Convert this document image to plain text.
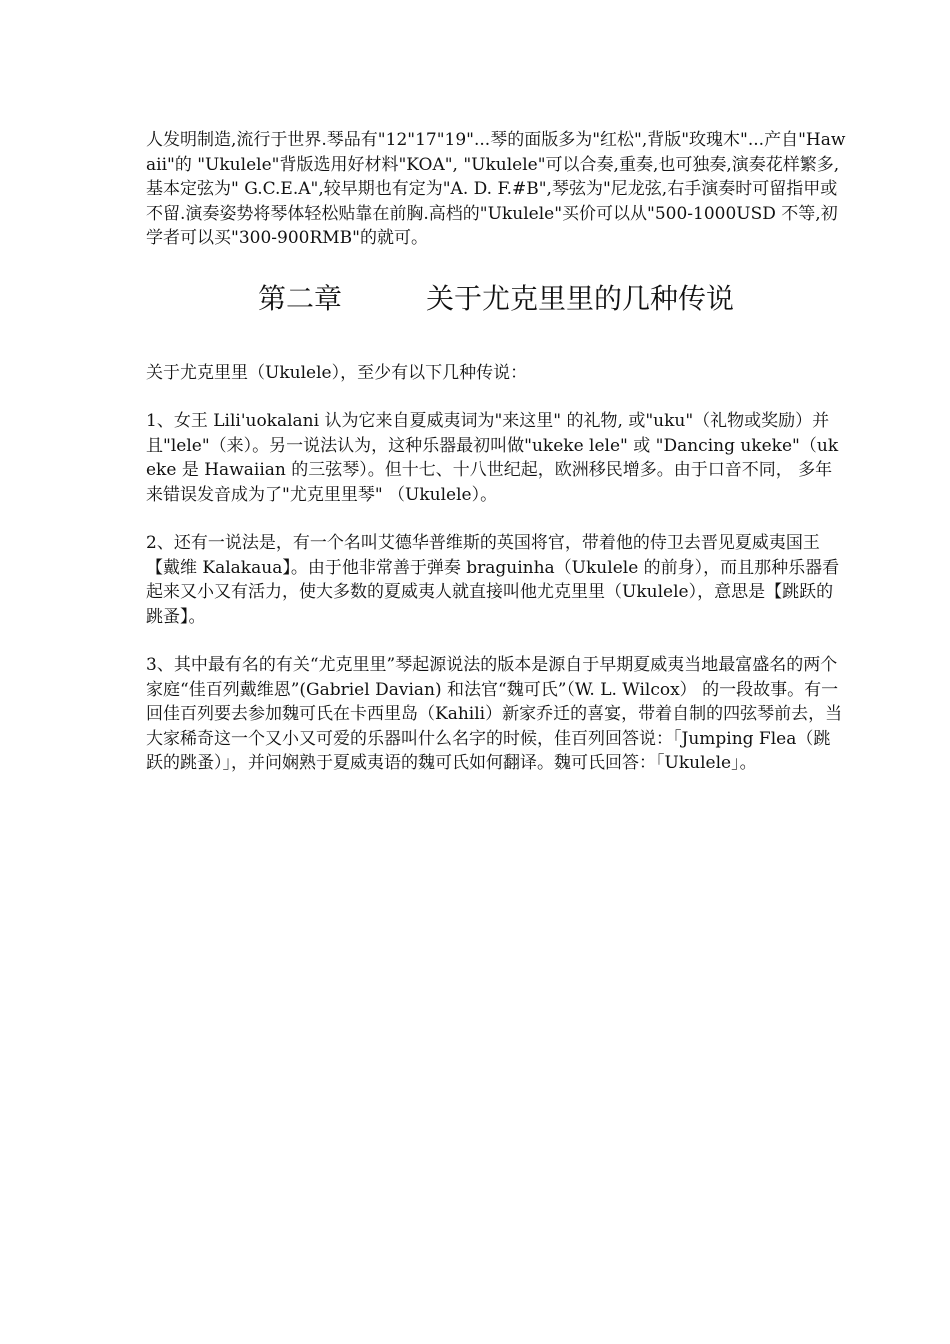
人发明制造,流行于世界.琴品有"12"17"19"...琴的面版多为"红松",背版"玫瑰木"...产自"Hawaii"的 "Ukulele"背版选用好材料"KOA", "Ukulele"可以合奏,重奏,也可独奏,演奏花样繁多,基本定弦为" G.C.E.A",较早期也有定为"A. D. F.#B",琴弦为"尼龙弦,右手演奏时可留指甲或不留.演奏姿势将琴体轻松贴靠在前胸.高档的"Ukulele"买价可以从"500-1000USD 不等,初学者可以买"300-900RMB"的就可。

第二章	关于尤克里里的几种传说

关于尤克里里（Ukulele），至少有以下几种传说：

1、女王 Lili'uokalani 认为它来自夏威夷词为"来这里" 的礼物, 或"uku"（礼物或奖励）并且"lele"（来）。另一说法认为，这种乐器最初叫做"ukeke lele" 或 "Dancing ukeke"（ukeke 是 Hawaiian 的三弦琴）。但十七、十八世纪起，欧洲移民增多。由于口音不同， 多年来错误发音成为了"尤克里里琴" （Ukulele）。

2、还有一说法是，有一个名叫艾德华普维斯的英国将官，带着他的侍卫去晋见夏威夷国王【戴维 Kalakaua】。由于他非常善于弹奏 braguinha（Ukulele 的前身），而且那种乐器看起来又小又有活力，使大多数的夏威夷人就直接叫他尤克里里（Ukulele），意思是【跳跃的跳蚤】。

3、其中最有名的有关“尤克里里”琴起源说法的版本是源自于早期夏威夷当地最富盛名的两个家庭“佳百列戴维恩”(Gabriel Davian) 和法官“魏可氏”（W. L. Wilcox） 的一段故事。有一回佳百列要去参加魏可氏在卡西里岛（Kahili）新家乔迁的喜宴，带着自制的四弦琴前去，当大家稀奇这一个又小又可爱的乐器叫什么名字的时候，佳百列回答说：「Jumping Flea（跳跃的跳蚤）」，并问娴熟于夏威夷语的魏可氏如何翻译。魏可氏回答：「Ukulele」。
